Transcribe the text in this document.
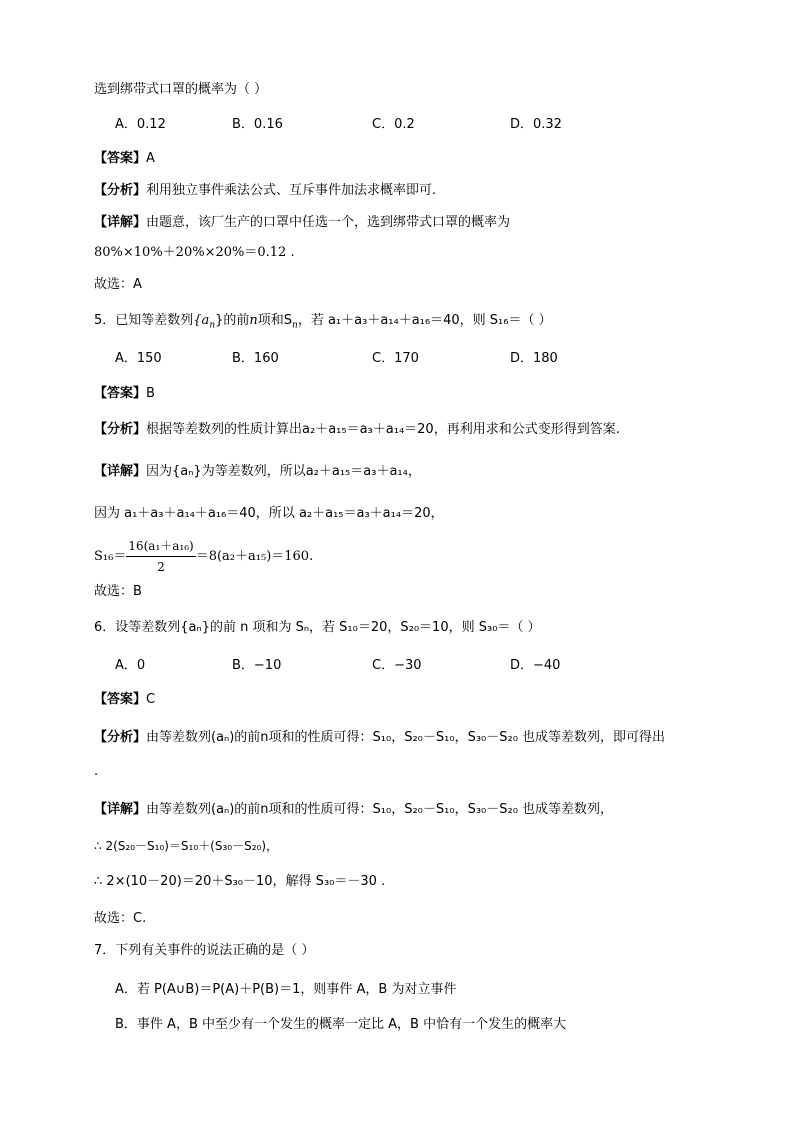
选到绑带式口罩的概率为（ ）
A．0.12	B．0.16	C．0.2	D．0.32
【答案】A
【分析】利用独立事件乘法公式、互斥事件加法求概率即可.
【详解】由题意，该厂生产的口罩中任选一个，选到绑带式口罩的概率为
80%×10%＋20%×20%＝0.12 .
故选：A
5．已知等差数列$\{a_n\}$的前n项和$S_n$，若 a₁＋a₃＋a₁₄＋a₁₆＝40，则 S₁₆＝（ ）
A．150	B．160	C．170	D．180
【答案】B
【分析】根据等差数列的性质计算出a₂＋a₁₅＝a₃＋a₁₄＝20，再利用求和公式变形得到答案.
【详解】因为{aₙ}为等差数列，所以a₂＋a₁₅＝a₃＋a₁₄，
因为 a₁＋a₃＋a₁₄＋a₁₆＝40，所以 a₂＋a₁₅＝a₃＋a₁₄＝20，
$S_{16}= \frac{\text{16(a₁＋a₁₆)}}{2} =8(a_2+a_{15})=160$.
故选：B
6．设等差数列{aₙ}的前 n 项和为 Sₙ，若 S₁₀＝20，S₂₀＝10，则 S₃₀＝（ ）
A．0	B．−10	C．−30	D．−40
【答案】C
【分析】由等差数列(aₙ)的前n项和的性质可得：S₁₀，S₂₀－S₁₀，S₃₀－S₂₀ 也成等差数列，即可得出
.
【详解】由等差数列(aₙ)的前n项和的性质可得：S₁₀，S₂₀－S₁₀，S₃₀－S₂₀ 也成等差数列，
∴ 2(S₂₀－S₁₀)＝S₁₀＋(S₃₀－S₂₀)，
∴ 2×(10－20)＝20＋S₃₀－10，解得 S₃₀＝－30 .
故选：C.
7．下列有关事件的说法正确的是（ ）
A．若 P(A∪B)＝P(A)＋P(B)＝1，则事件 A，B 为对立事件
B．事件 A，B 中至少有一个发生的概率一定比 A，B 中恰有一个发生的概率大
